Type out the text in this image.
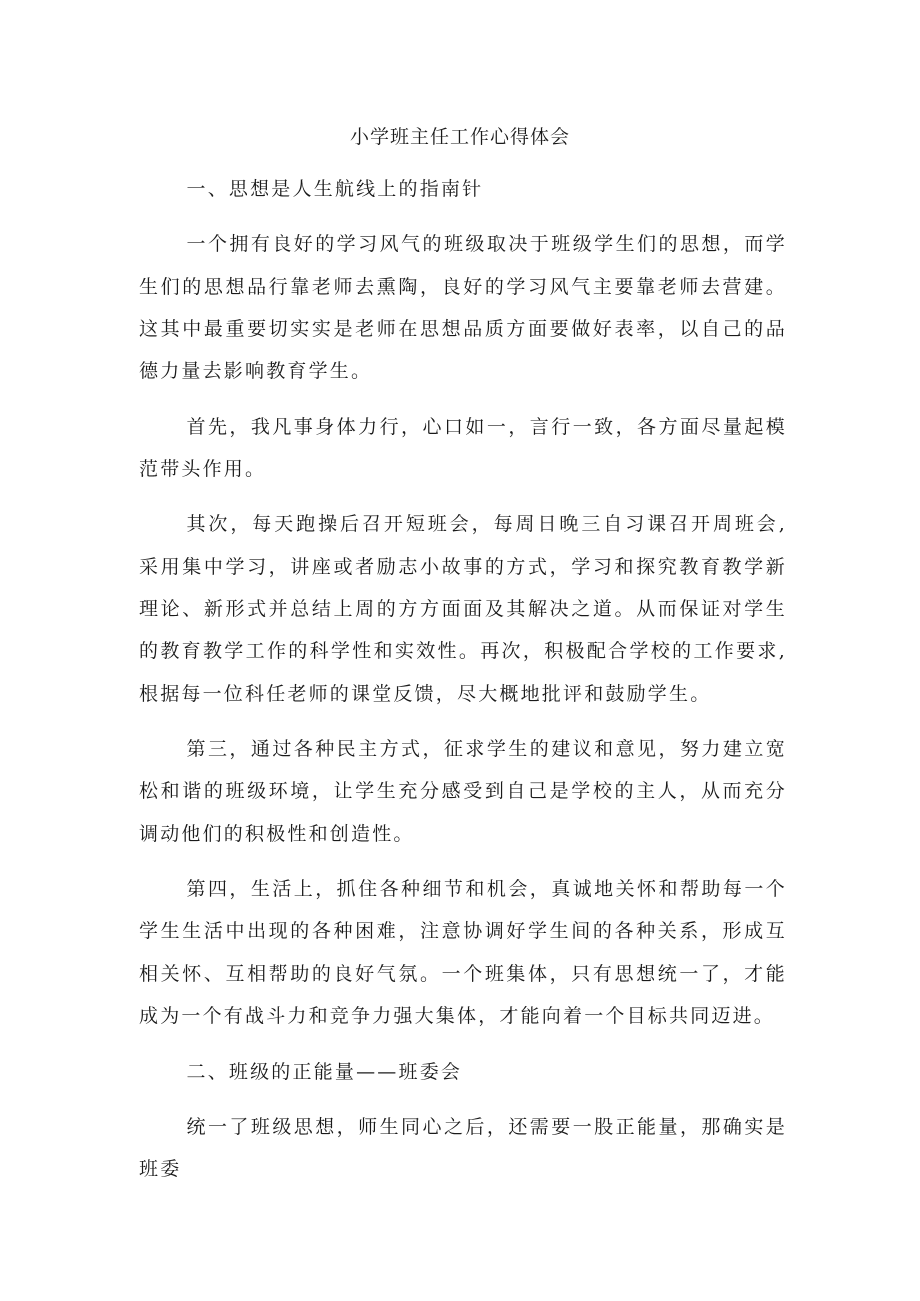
小学班主任工作心得体会

一、思想是人生航线上的指南针

一个拥有良好的学习风气的班级取决于班级学生们的思想，而学生们的思想品行靠老师去熏陶，良好的学习风气主要靠老师去营建。这其中最重要切实实是老师在思想品质方面要做好表率，以自己的品德力量去影响教育学生。

首先，我凡事身体力行，心口如一，言行一致，各方面尽量起模范带头作用。

其次，每天跑操后召开短班会，每周日晚三自习课召开周班会,采用集中学习，讲座或者励志小故事的方式，学习和探究教育教学新理论、新形式并总结上周的方方面面及其解决之道。从而保证对学生的教育教学工作的科学性和实效性。再次，积极配合学校的工作要求,根据每一位科任老师的课堂反馈，尽大概地批评和鼓励学生。

第三，通过各种民主方式，征求学生的建议和意见，努力建立宽松和谐的班级环境，让学生充分感受到自己是学校的主人，从而充分调动他们的积极性和创造性。

第四，生活上，抓住各种细节和机会，真诚地关怀和帮助每一个学生生活中出现的各种困难，注意协调好学生间的各种关系，形成互相关怀、互相帮助的良好气氛。一个班集体，只有思想统一了，才能成为一个有战斗力和竞争力强大集体，才能向着一个目标共同迈进。

二、班级的正能量——班委会

统一了班级思想，师生同心之后，还需要一股正能量，那确实是班委
